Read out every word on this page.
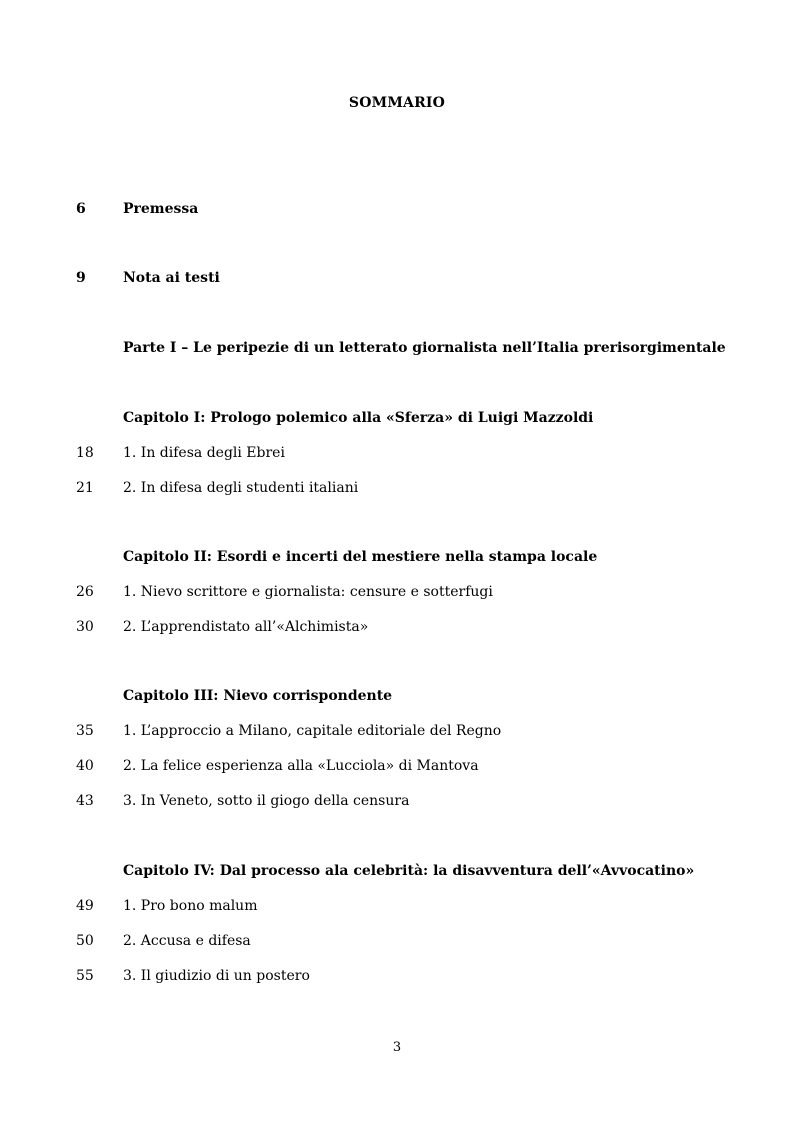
SOMMARIO
6	Premessa
9	Nota ai testi
Parte I – Le peripezie di un letterato giornalista nell’Italia prerisorgimentale
Capitolo I: Prologo polemico alla «Sferza» di Luigi Mazzoldi
18	1. In difesa degli Ebrei
21	2. In difesa degli studenti italiani
Capitolo II: Esordi e incerti del mestiere nella stampa locale
26	1. Nievo scrittore e giornalista: censure e sotterfugi
30	2. L’apprendistato all’«Alchimista»
Capitolo III: Nievo corrispondente
35	1. L’approccio a Milano, capitale editoriale del Regno
40	2. La felice esperienza alla «Lucciola» di Mantova
43	3. In Veneto, sotto il giogo della censura
Capitolo IV: Dal processo ala celebrità: la disavventura dell’«Avvocatino»
49	1. Pro bono malum
50	2. Accusa e difesa
55	3. Il giudizio di un postero
3
